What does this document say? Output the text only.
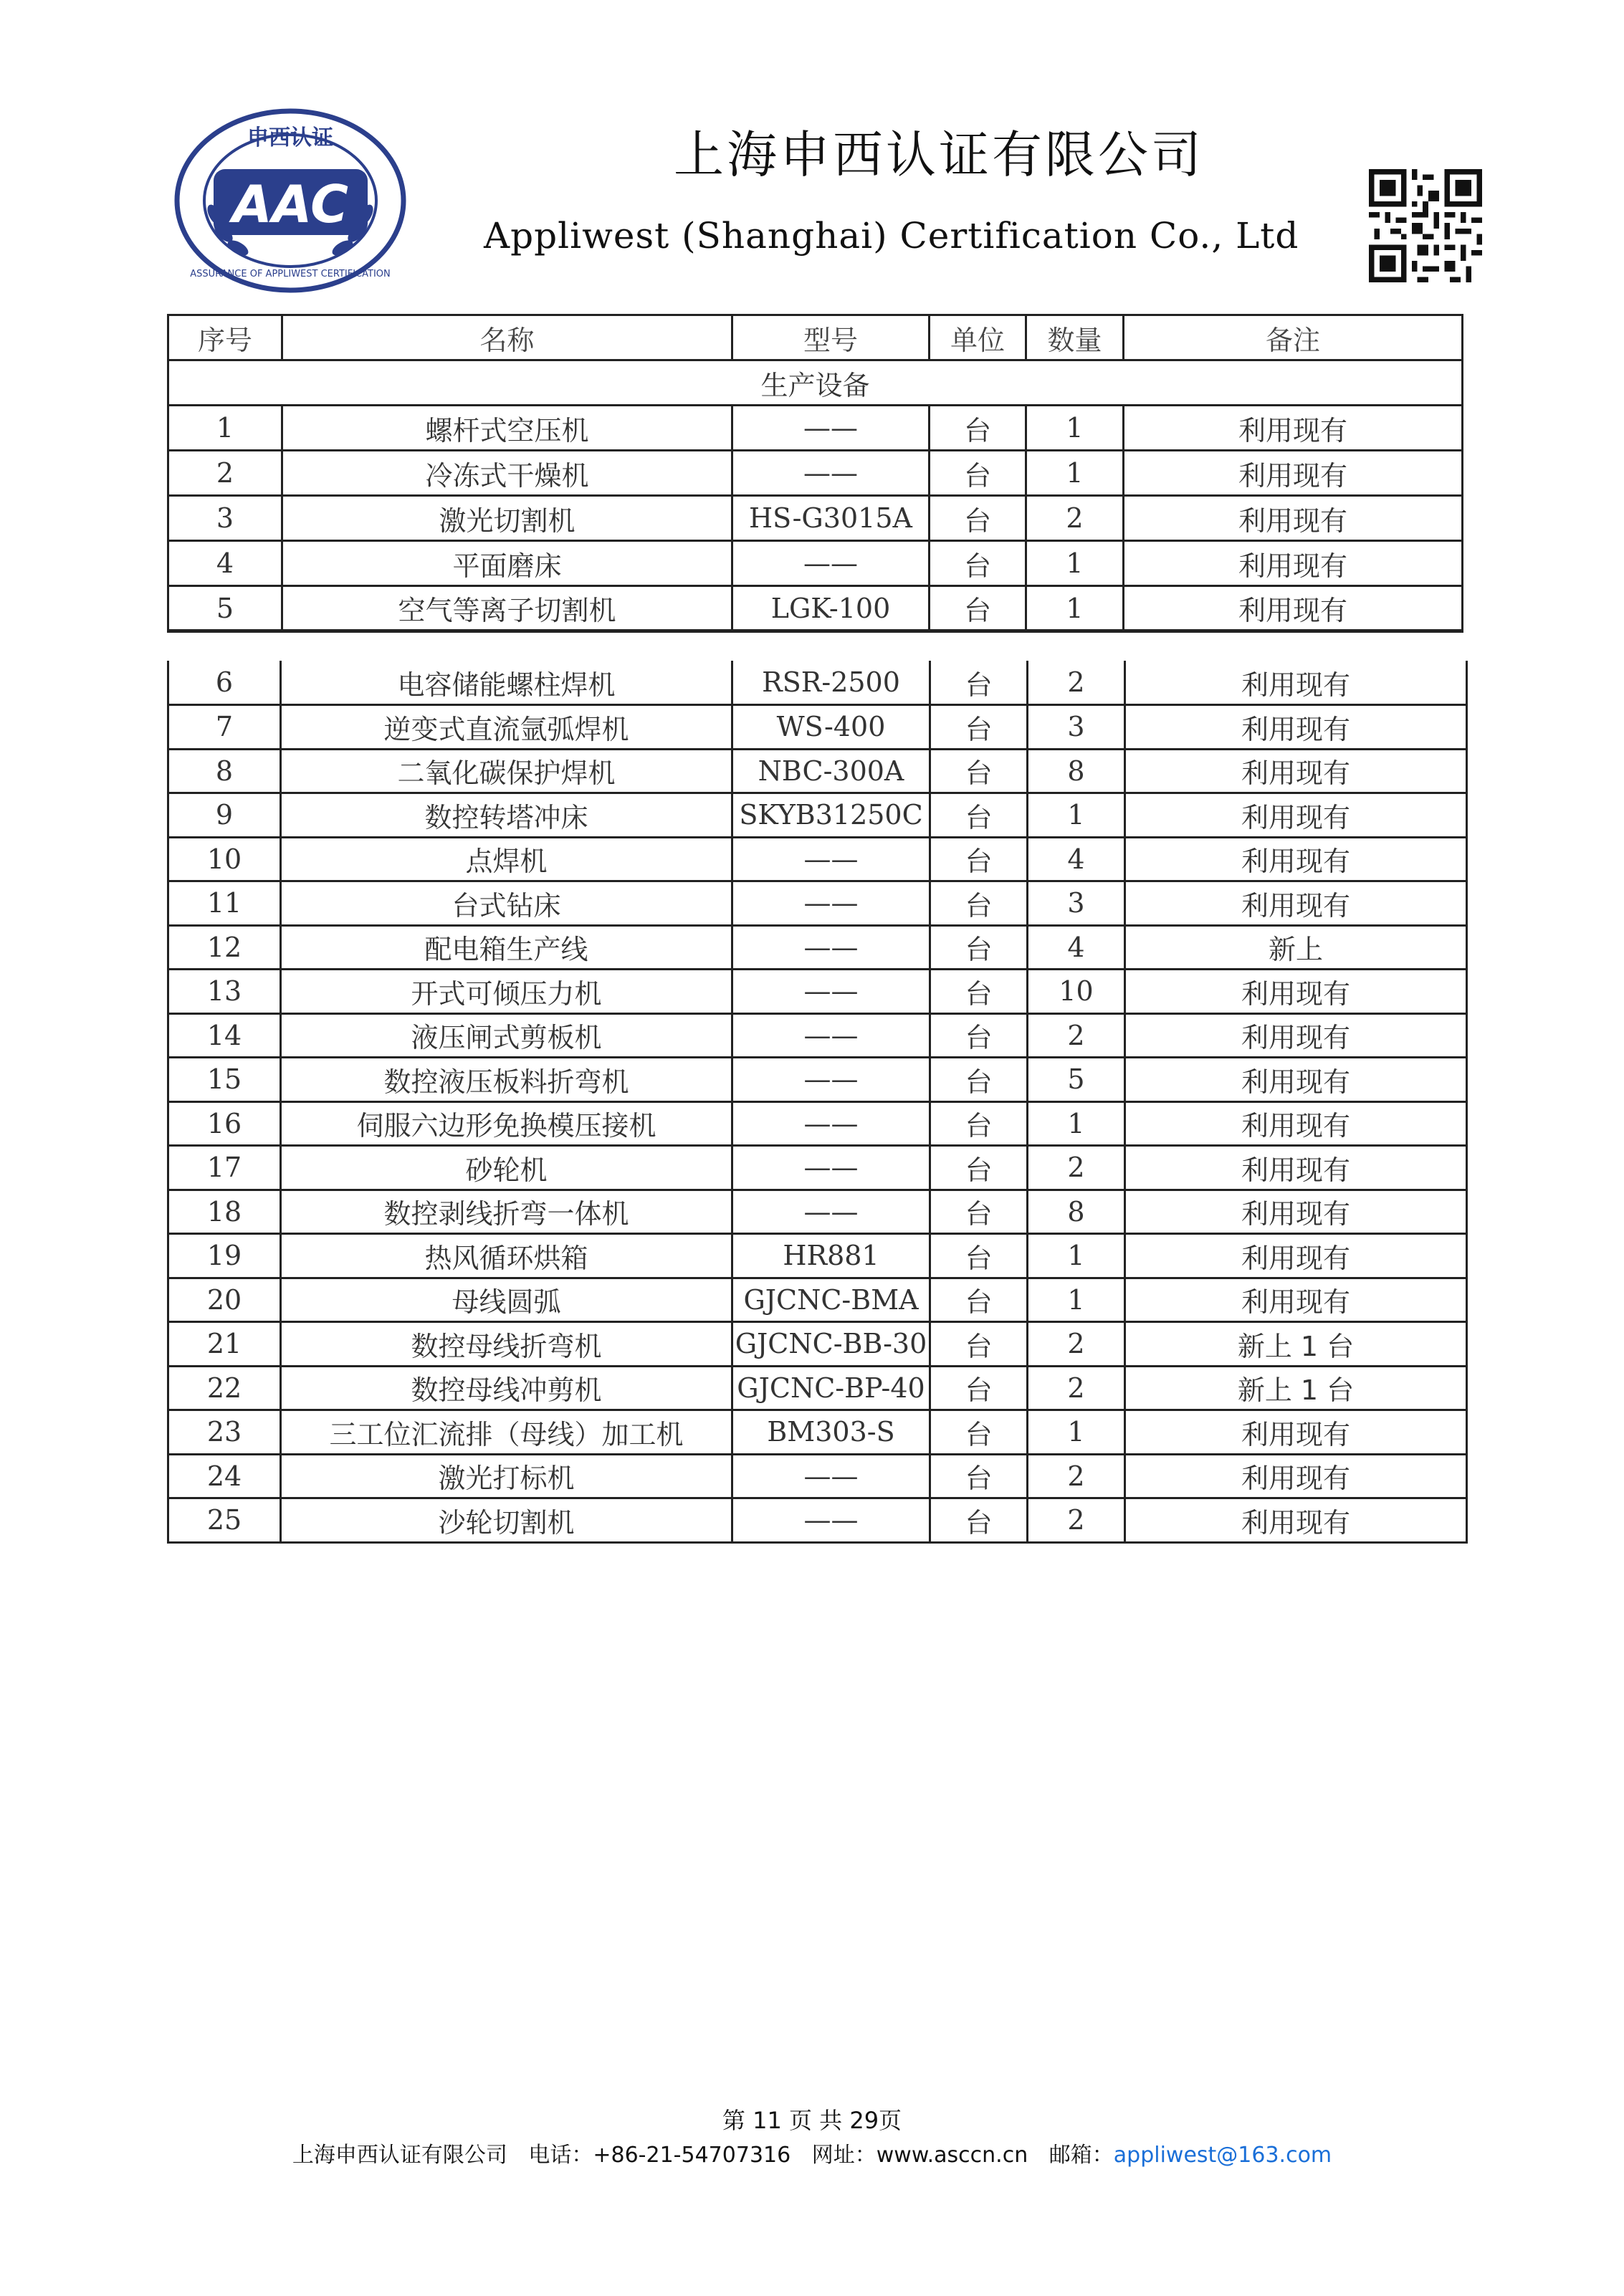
AAC
申西认证
ASSURANCE OF APPLIWEST CERTIFICATION
上海申西认证有限公司
Appliwest (Shanghai) Certification Co., Ltd
序号	名称	型号	单位	数量	备注
生产设备					
1	螺杆式空压机	——	台	1	利用现有
2	冷冻式干燥机	——	台	1	利用现有
3	激光切割机	HS-G3015A	台	2	利用现有
4	平面磨床	——	台	1	利用现有
5	空气等离子切割机	LGK-100	台	1	利用现有
6	电容储能螺柱焊机	RSR-2500	台	2	利用现有
7	逆变式直流氩弧焊机	WS-400	台	3	利用现有
8	二氧化碳保护焊机	NBC-300A	台	8	利用现有
9	数控转塔冲床	SKYB31250C	台	1	利用现有
10	点焊机	——	台	4	利用现有
11	台式钻床	——	台	3	利用现有
12	配电箱生产线	——	台	4	新上
13	开式可倾压力机	——	台	10	利用现有
14	液压闸式剪板机	——	台	2	利用现有
15	数控液压板料折弯机	——	台	5	利用现有
16	伺服六边形免换模压接机	——	台	1	利用现有
17	砂轮机	——	台	2	利用现有
18	数控剥线折弯一体机	——	台	8	利用现有
19	热风循环烘箱	HR881	台	1	利用现有
20	母线圆弧	GJCNC-BMA	台	1	利用现有
21	数控母线折弯机	GJCNC-BB-30	台	2	新上 1 台
22	数控母线冲剪机	GJCNC-BP-40	台	2	新上 1 台
23	三工位汇流排（母线）加工机	BM303-S	台	1	利用现有
24	激光打标机	——	台	2	利用现有
25	沙轮切割机	——	台	2	利用现有
第 11 页 共 29页
上海申西认证有限公司 电话：+86-21-54707316 网址：www.asccn.cn 邮箱：appliwest@163.com
